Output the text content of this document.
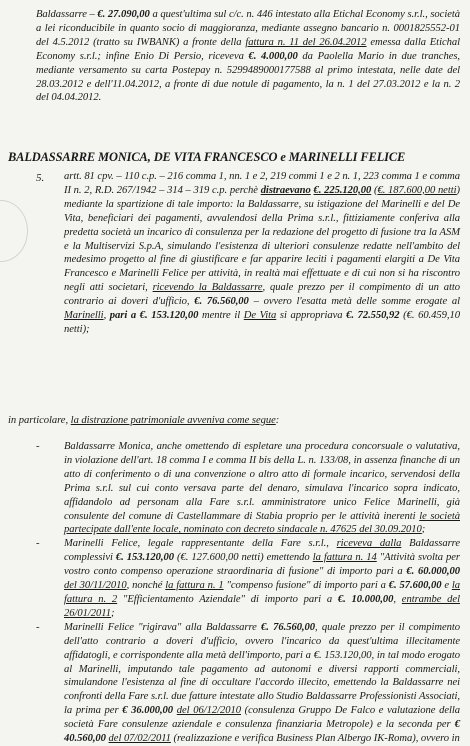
Baldassarre – €. 27.090,00 a quest'ultima sul c/c. n. 446 intestato alla Etichal Economy s.r.l., società a lei riconducibile in quanto socio di maggioranza, mediante assegno bancario n. 0001825552-01 del 4.5.2012 (tratto su IWBANK) a fronte della fattura n. 11 del 26.04.2012 emessa dalla Etichal Economy s.r.l.; infine Enio Di Persio, riceveva €. 4.000,00 da Paolella Mario in due tranches, mediante versamento su carta Postepay n. 5299489000177588 al primo intestata, nelle date del 28.03.2012 e dell'11.04.2012, a fronte di due notule di pagamento, la n. 1 del 27.03.2012 e la n. 2 del 04.04.2012.

BALDASSARRE MONICA, DE VITA FRANCESCO e MARINELLI FELICE
5. artt. 81 cpv. – 110 c.p. – 216 comma 1, nn. 1 e 2, 219 commi 1 e 2 n. 1, 223 comma 1 e comma II n. 2, R.D. 267/1942 – 314 – 319 c.p. perchè distraevano €. 225.120,00 (€. 187.600,00 netti) mediante la spartizione di tale importo: la Baldassarre, su istigazione del Marinelli e del De Vita, beneficiari dei pagamenti, avvalendosi della Prima s.r.l., fittiziamente conferiva alla predetta società un incarico di consulenza per la redazione del progetto di fusione tra la ASM e la Multiservizi S.p.A, simulando l'esistenza di ulteriori consulenze redatte nell'ambito del medesimo progetto al fine di giustificare e far apparire leciti i pagamenti elargiti a De Vita Francesco e Marinelli Felice per attività, in realtà mai effettuate e di cui non si ha riscontro negli atti societari, ricevendo la Baldassarre, quale prezzo per il compimento di un atto contrario ai doveri d'ufficio, €. 76.560,00 – ovvero l'esatta metà delle somme erogate al Marinelli, pari a €. 153.120,00 mentre il De Vita si appropriava €. 72.550,92 (€. 60.459,10 netti);

in particolare, la distrazione patrimoniale avveniva come segue:

- Baldassarre Monica, anche omettendo di espletare una procedura concorsuale o valutativa, in violazione dell'art. 18 comma I e comma II bis della L. n. 133/08, in assenza finanche di un atto di conferimento o di una convenzione o altro atto di formale incarico, servendosi della Prima s.r.l. sul cui conto versava parte del denaro, simulava l'incarico sopra indicato, affidandolo ad personam alla Fare s.r.l. amministratore unico Felice Marinelli, già consulente del comune di Castellammare di Stabia proprio per le attività inerenti le società partecipate dall'ente locale, nominato con decreto sindacale n. 47625 del 30.09.2010;

- Marinelli Felice, legale rappresentante della Fare s.r.l., riceveva dalla Baldassarre complessivi €. 153.120,00 (€. 127.600,00 netti) emettendo la fattura n. 14 "Attività svolta per vostro conto compenso operazione straordinaria di fusione" di importo pari a €. 60.000,00 del 30/11/2010, nonché la fattura n. 1 "compenso fusione" di importo pari a €. 57.600,00 e la fattura n. 2 "Efficientamento Aziendale" di importo pari a €. 10.000,00, entrambe del 26/01/2011;

- Marinelli Felice "rigirava" alla Baldassarre €. 76.560,00, quale prezzo per il compimento dell'atto contrario a doveri d'ufficio, ovvero l'incarico da quest'ultima illecitamente affidatogli, e corrispondente alla metà dell'importo, pari a €. 153.120,00, in tal modo erogato al Marinelli, imputando tale pagamento ad autonomi e diversi rapporti commerciali, simulandone l'esistenza al fine di occultare l'accordo illecito, emettendo la Baldassarre nei confronti della Fare s.r.l. due fatture intestate allo Studio Baldassarre Professionisti Associati, la prima per € 36.000,00 del 06/12/2010 (consulenza Gruppo De Falco e valutazione della società Fare consulenze aziendale e consulenza finanziaria Metropole) e la seconda per € 40.560,00 del 07/02/2011 (realizzazione e verifica Business Plan Albergo IK-Roma), ovvero in
